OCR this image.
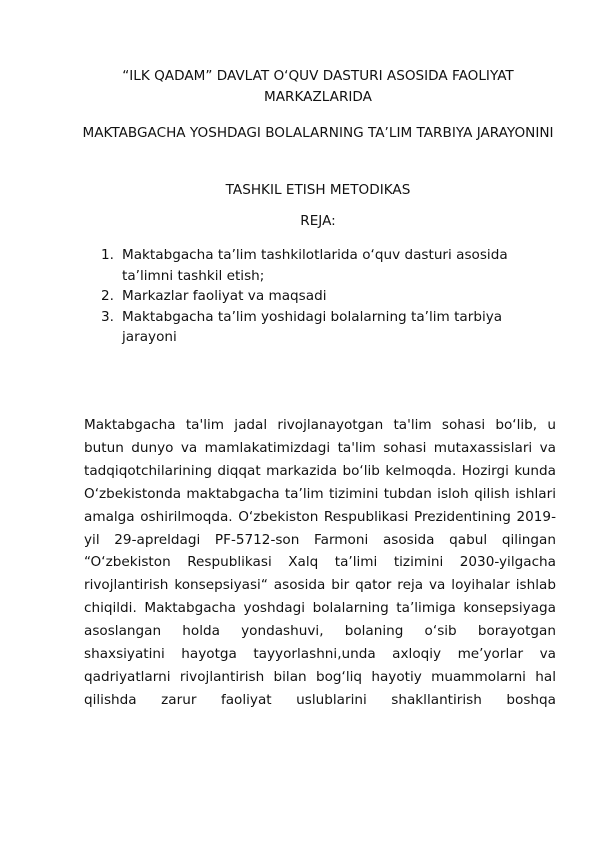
“ILK QADAM” DAVLAT O‘QUV DASTURI ASOSIDA FAOLIYAT MARKAZLARIDA
MAKTABGACHA YOSHDAGI BOLALARNING TA’LIM TARBIYA JARAYONINI
TASHKIL ETISH METODIKAS
REJA:
1. Maktabgacha ta’lim tashkilotlarida o‘quv dasturi asosida ta’limni tashkil etish;
2. Markazlar faoliyat va maqsadi
3. Maktabgacha ta’lim yoshidagi bolalarning ta’lim tarbiya jarayoni

Maktabgacha ta'lim jadal rivojlanayotgan ta'lim sohasi bo‘lib, u butun dunyo va mamlakatimizdagi ta'lim sohasi mutaxassislari va tadqiqotchilarining diqqat markazida bo‘lib kelmoqda. Hozirgi kunda O‘zbekistonda maktabgacha ta’lim tizimini tubdan isloh qilish ishlari amalga oshirilmoqda. O‘zbekiston Respublikasi Prezidentining 2019-yil 29-apreldagi PF-5712-son Farmoni asosida qabul qilingan “O‘zbekiston Respublikasi Xalq ta’limi tizimini 2030-yilgacha rivojlantirish konsepsiyasi“ asosida bir qator reja va loyihalar ishlab chiqildi. Maktabgacha yoshdagi bolalarning ta’limiga konsepsiyaga asoslangan holda yondashuvi, bolaning o‘sib borayotgan shaxsiyatini hayotga tayyorlashni,unda axloqiy me’yorlar va qadriyatlarni rivojlantirish bilan bog‘liq hayotiy muammolarni hal qilishda zarur faoliyat uslublarini shakllantirish boshqa
